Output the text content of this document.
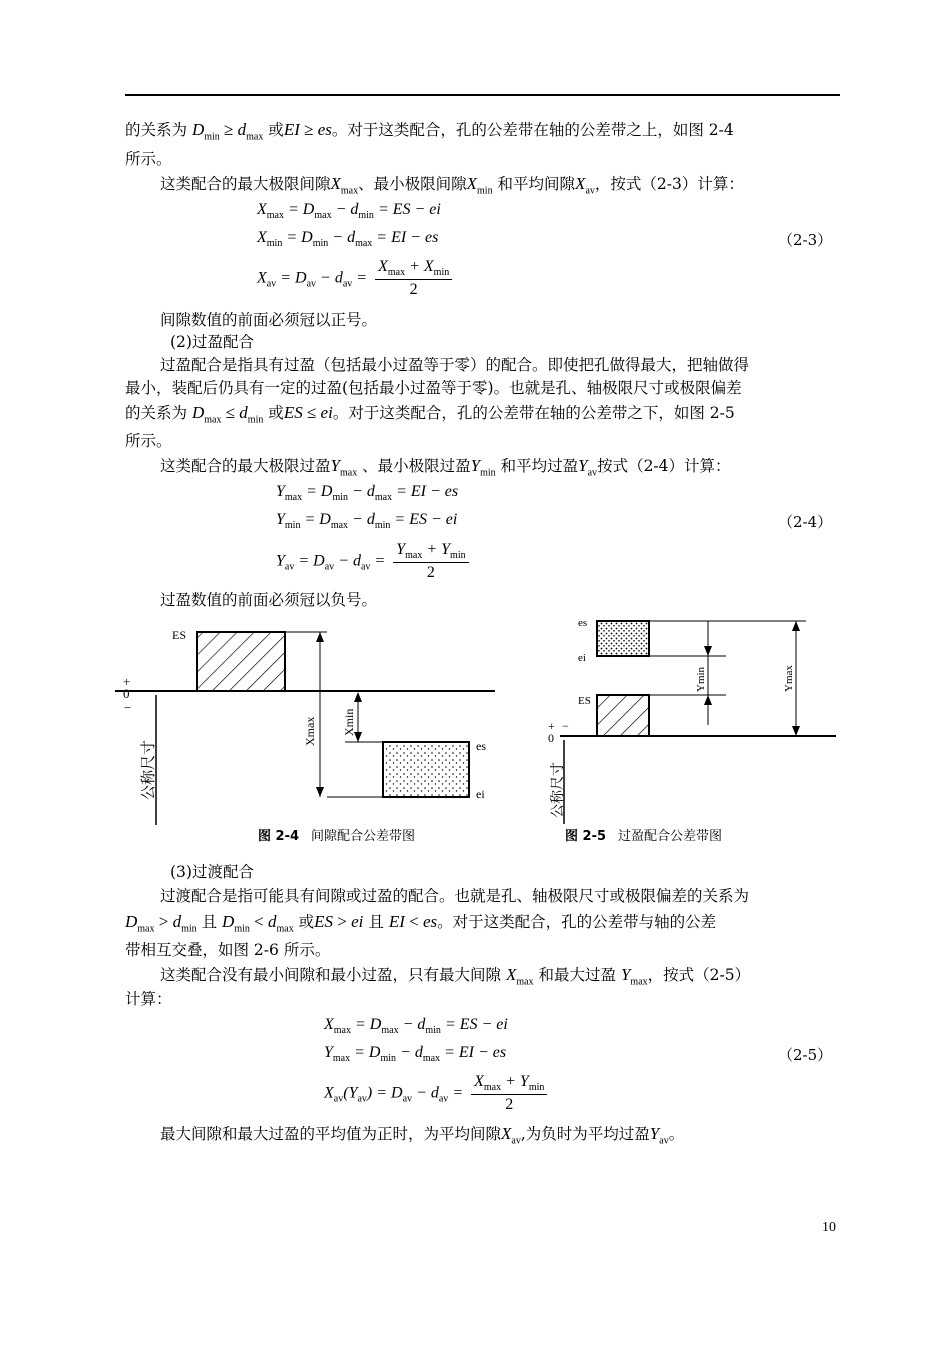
的关系为 $D_{min} \ge d_{max}$ 或EI ≥ es。对于这类配合，孔的公差带在轴的公差带之上，如图 2-4
所示。
这类配合的最大极限间隙$X_{max}$、最小极限间隙$X_{min}$ 和平均间隙$X_{av}$，按式（2-3）计算：
$X_{max} = D_{max} - d_{min}$ = ES − ei
$X_{min} = D_{min} - d_{max}$ = EI − es	（2-3）
$X_{av} = D_{av} - d_{av} = \frac{X_{max} + X_{min}}{2}$
间隙数值的前面必须冠以正号。
(2)过盈配合
过盈配合是指具有过盈（包括最小过盈等于零）的配合。即使把孔做得最大，把轴做得
最小，装配后仍具有一定的过盈(包括最小过盈等于零)。也就是孔、轴极限尺寸或极限偏差
的关系为 $D_{max} \le d_{min}$ 或ES ≤ ei。对于这类配合，孔的公差带在轴的公差带之下，如图 2-5
所示。
这类配合的最大极限过盈$Y_{max}$ 、最小极限过盈$Y_{min}$ 和平均过盈$Y_{av}$按式（2-4）计算：
$Y_{max} = D_{min} - d_{max}$ = EI − es
$Y_{min} = D_{max} - d_{min}$ = ES − ei	（2-4）
$Y_{av} = D_{av} - d_{av} = \frac{Y_{max} + Y_{min}}{2}$
过盈数值的前面必须冠以负号。
ES
+
0
−
公称尺寸
Xmax Xmin
es
ei
图 2-4 间隙配合公差带图
es
ei
ES
+
0
−
公称尺寸
Ymin	Ymax
图 2-5 过盈配合公差带图
(3)过渡配合
过渡配合是指可能具有间隙或过盈的配合。也就是孔、轴极限尺寸或极限偏差的关系为
$D_{max} > d_{min}$ 且 $D_{min} < d_{max}$ 或ES > ei 且 EI < es。对于这类配合，孔的公差带与轴的公差
带相互交叠，如图 2-6 所示。
这类配合没有最小间隙和最小过盈，只有最大间隙 $X_{max}$ 和最大过盈 $Y_{max}$，按式（2-5）
计算：
$X_{max} = D_{max} - d_{min}$ = ES − ei
$Y_{max} = D_{min} - d_{max}$ = EI − es	（2-5）
$X_{av}(Y_{av}) = D_{av} - d_{av} = \frac{X_{max} + Y_{min}}{2}$
最大间隙和最大过盈的平均值为正时，为平均间隙$X_{av}$,为负时为平均过盈$Y_{av}$。
10
